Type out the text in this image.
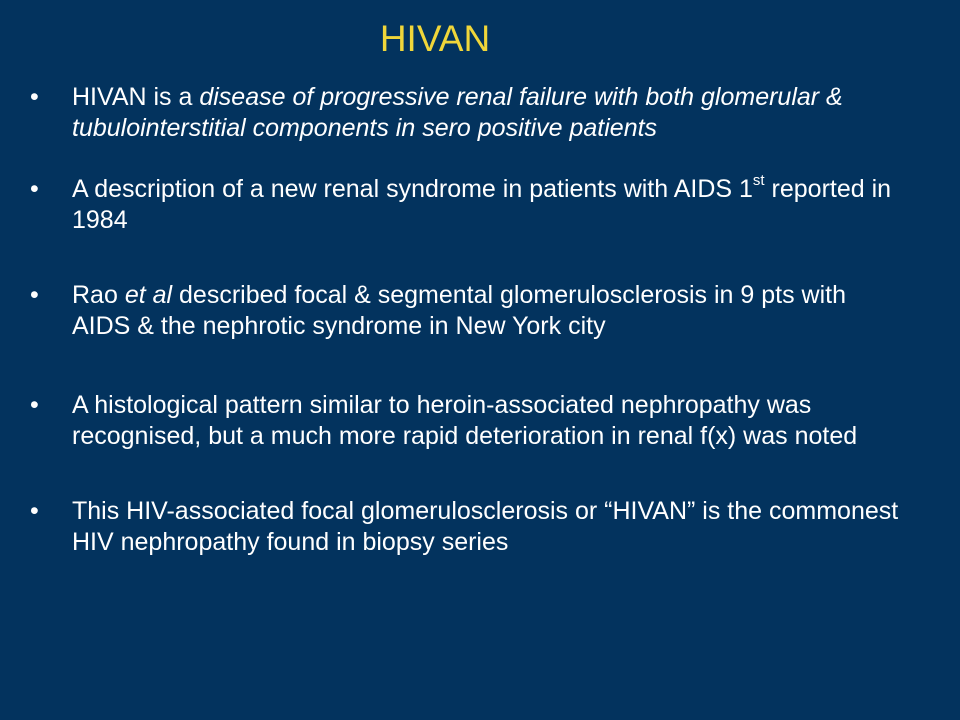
HIVAN
• HIVAN is a disease of progressive renal failure with both glomerular & tubulointerstitial components in sero positive patients
• A description of a new renal syndrome in patients with AIDS 1st reported in 1984
• Rao et al described focal & segmental glomerulosclerosis in 9 pts with AIDS & the nephrotic syndrome in New York city
• A histological pattern similar to heroin-associated nephropathy was recognised, but a much more rapid deterioration in renal f(x) was noted
• This HIV-associated focal glomerulosclerosis or “HIVAN” is the commonest HIV nephropathy found in biopsy series
